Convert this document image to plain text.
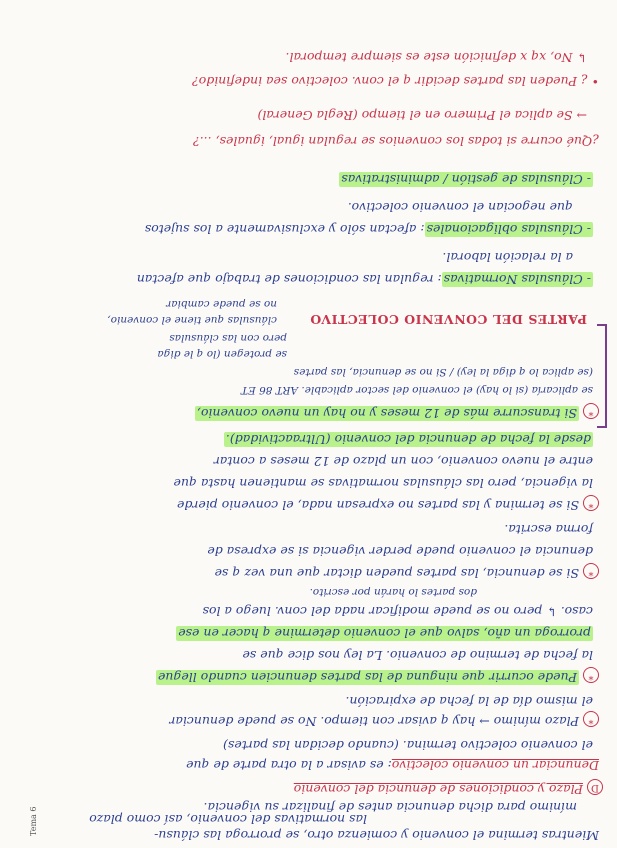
Tema 6	Mientras termina el convenio y comienza otro, se prorroga las cláusu-
las normativas del convenio, así como plazo
mínimo para dicha denuncia antes de finalizar su vigencia.
DPlazo y condiciones de denuncia del convenio
Denunciar un convenio colectivo: es avisar a la otra parte de que
el convenio colectivo termina. (cuando decidan las partes)
*Plazo mínimo → hay q avisar con tiempo. No se puede denunciar
el mismo día de la fecha de expiración.
*Puede ocurrir que ninguna de las partes denuncien cuando llegue
la fecha de termino de convenio. La ley nos dice que se
prorroga un año, salvo que el convenio determine q hacer en ese
caso. ↳ pero no se puede modificar nada del conv. luego a los
dos partes lo harán por escrito.
*Si se denuncia, las partes pueden dictar que una vez q se
denuncia el convenio puede perder vigencia si se expresa de
forma escrita.
*Si se termina y las partes no expresan nada, el convenio pierde
la vigencia, pero las cláusulas normativas se mantienen hasta que
entre el nuevo convenio, con un plazo de 12 meses a contar
desde la fecha de denuncia del convenio (Ultraactividad).
*Si transcurre más de 12 meses y no hay un nuevo convenio,
se aplicaría (si lo hay) el convenio del sector aplicable. ART 86 ET
(se aplica lo q diga la ley) / Si no se denuncia, las partes
se protegen (lo q le diga
pero con las cláusulas
PARTES DEL CONVENIO COLECTIVO
cláusulas que tiene el convenio,
no se puede cambiar
- Cláusulas Normativas: regulan las condiciones de trabajo que afectan
a la relación laboral.
- Cláusulas obligacionales: afectan sólo y exclusivamente a los sujetos
que negocian el convenio colectivo.
- Cláusulas de gestión / administrativas
¿Qué ocurre si todas los convenios se regulan igual, iguales, ...?
→ Se aplica el Primero en el tiempo (Regla General)
• ¿ Pueden las partes decidir q el conv. colectivo sea indefinido?
↳ No, xq x definición este es siempre temporal.
